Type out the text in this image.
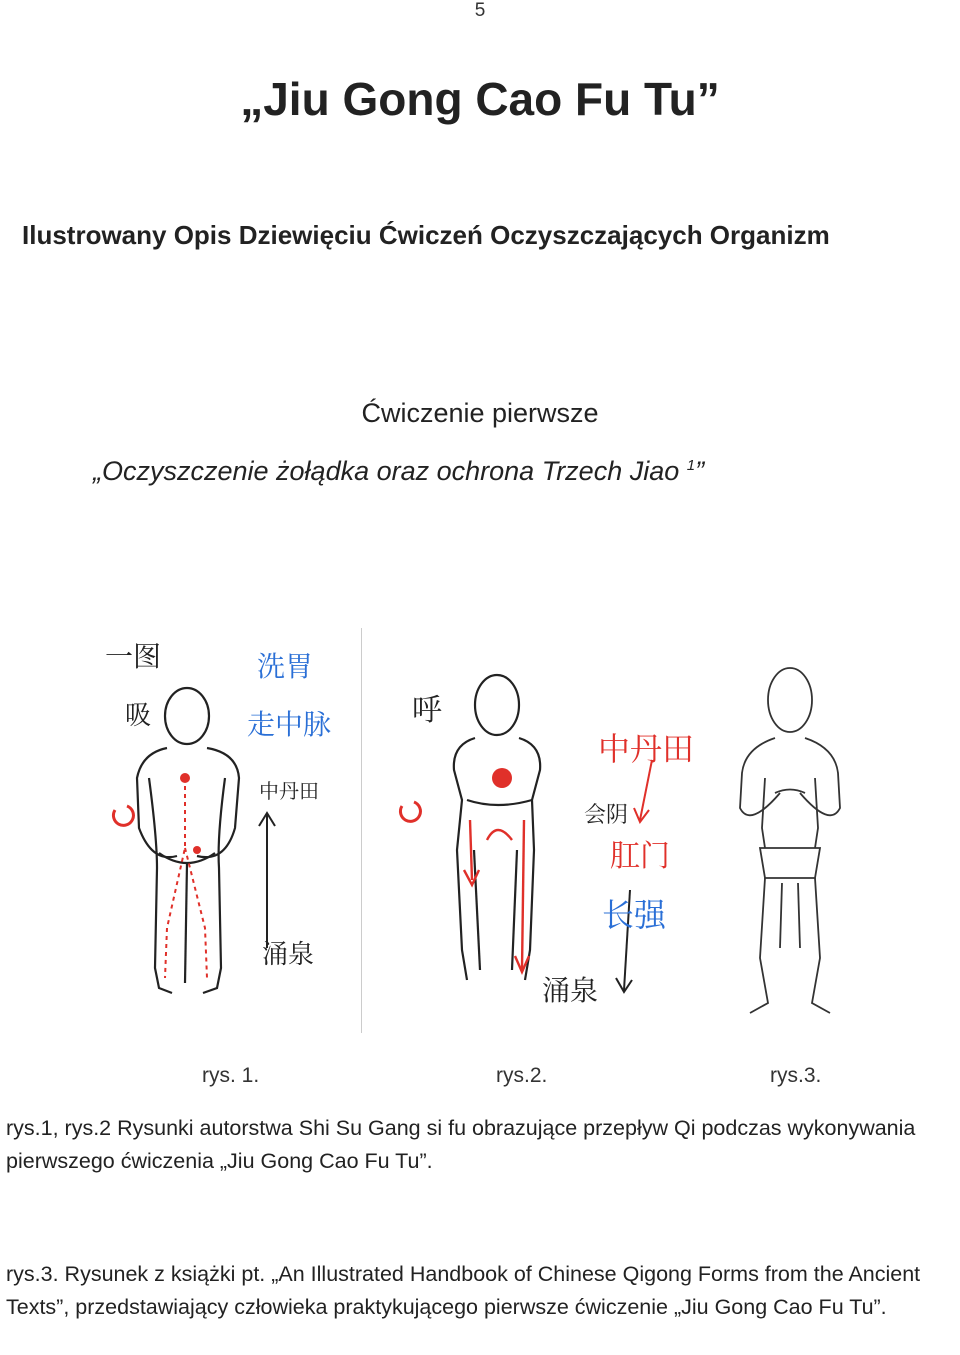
5
„Jiu Gong Cao Fu Tu”
Ilustrowany Opis Dziewięciu Ćwiczeń Oczyszczających Organizm
Ćwiczenie pierwsze
„Oczyszczenie żołądka oraz ochrona Trzech Jiao $^1$”
一图
吸
洗胃
走中脉
中丹田
涌泉
呼
中丹田
会阴
肛门
长强
涌泉
rys. 1.	rys.2.	rys.3.
rys.1, rys.2 Rysunki autorstwa Shi Su Gang si fu obrazujące przepływ Qi podczas wykonywania pierwszego ćwiczenia „Jiu Gong Cao Fu Tu”.
rys.3. Rysunek z książki pt. „An Illustrated Handbook of Chinese Qigong Forms from the Ancient Texts”, przedstawiający człowieka praktykującego pierwsze ćwiczenie „Jiu Gong Cao Fu Tu”.
